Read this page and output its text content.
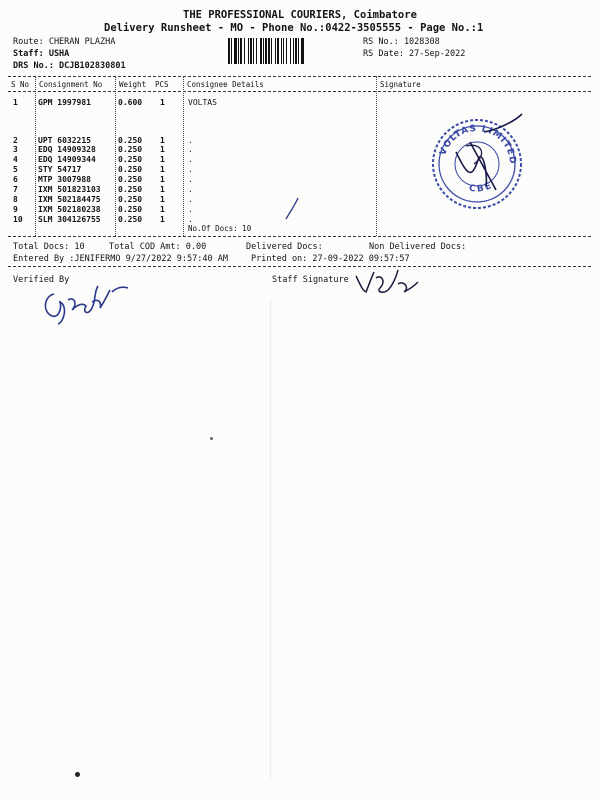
THE PROFESSIONAL COURIERS, Coimbatore
Delivery Runsheet - MO - Phone No.:0422-3505555 - Page No.:1
Route: CHERAN PLAZHA
Staff: USHA
DRS No.: DCJB102830801
RS No.: 1028308
RS Date: 27-Sep-2022
S No Consignment No Weight PCS Consignee Details	Signature
1	GPM 1997981	0.600 1	VOLTAS
2	UPT 6032215	0.250 1	.
3	EDQ 14909328	0.250 1	.
4	EDQ 14909344	0.250 1	.
5	STY 54717	0.250 1	.
6	MTP 3007988	0.250 1	.
7	IXM 501823103 0.250 1	.
8	IXM 502184475 0.250 1	.
9	IXM 502180238 0.250 1	.
10 SLM 304126755 0.250 1	.
No.Of Docs: 10
VOLTAS LIMITED
CBE
Total Docs: 10	Total COD Amt: 0.00	Delivered Docs:	Non Delivered Docs:
Entered By :JENIFERMO 9/27/2022 9:57:40 AM	Printed on: 27-09-2022 09:57:57
Verified By	Staff Signature
